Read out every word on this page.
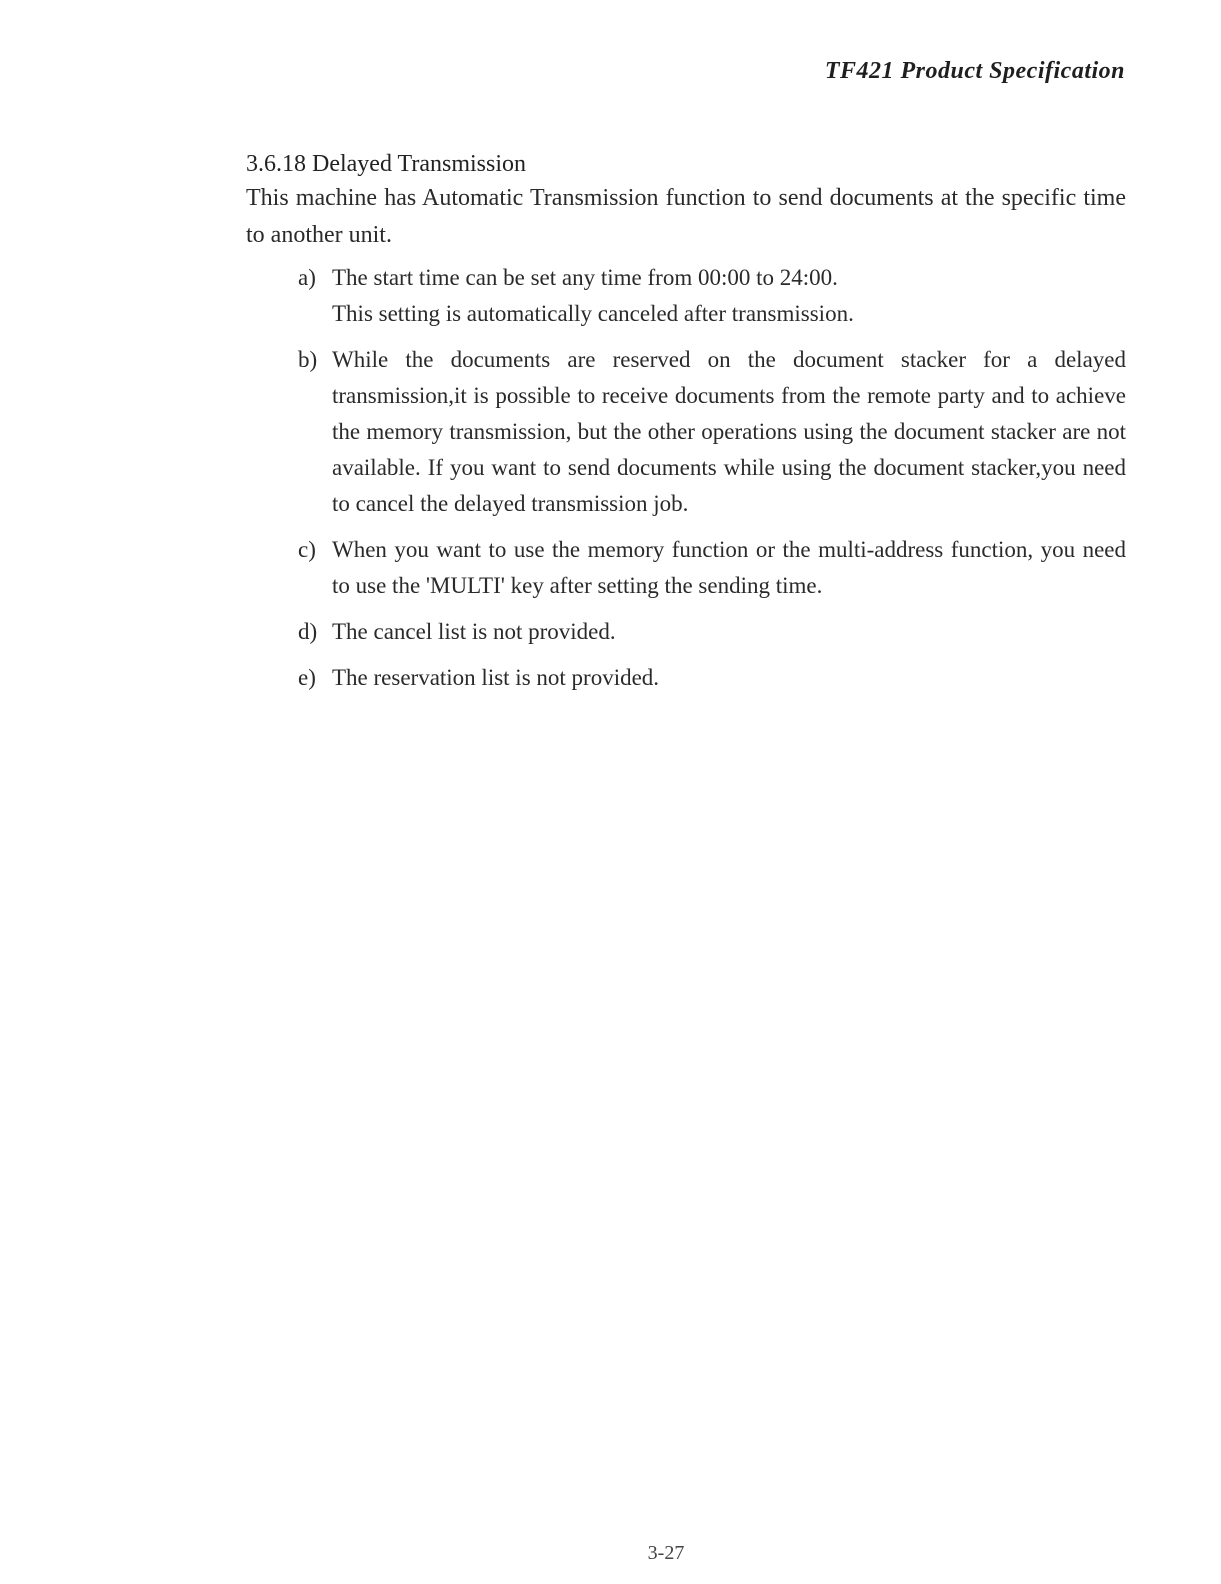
TF421 Product Specification
3.6.18 Delayed Transmission

This machine has Automatic Transmission function to send documents at the specific time to another unit.

a) The start time can be set any time from 00:00 to 24:00.
This setting is automatically canceled after transmission.
b) While the documents are reserved on the document stacker for a delayed transmission,it is possible to receive documents from the remote party and to achieve the memory transmission, but the other operations using the document stacker are not available. If you want to send documents while using the document stacker,you need to cancel the delayed transmission job.
c) When you want to use the memory function or the multi-address function, you need to use the 'MULTI' key after setting the sending time.
d) The cancel list is not provided.
e) The reservation list is not provided.
3-27
